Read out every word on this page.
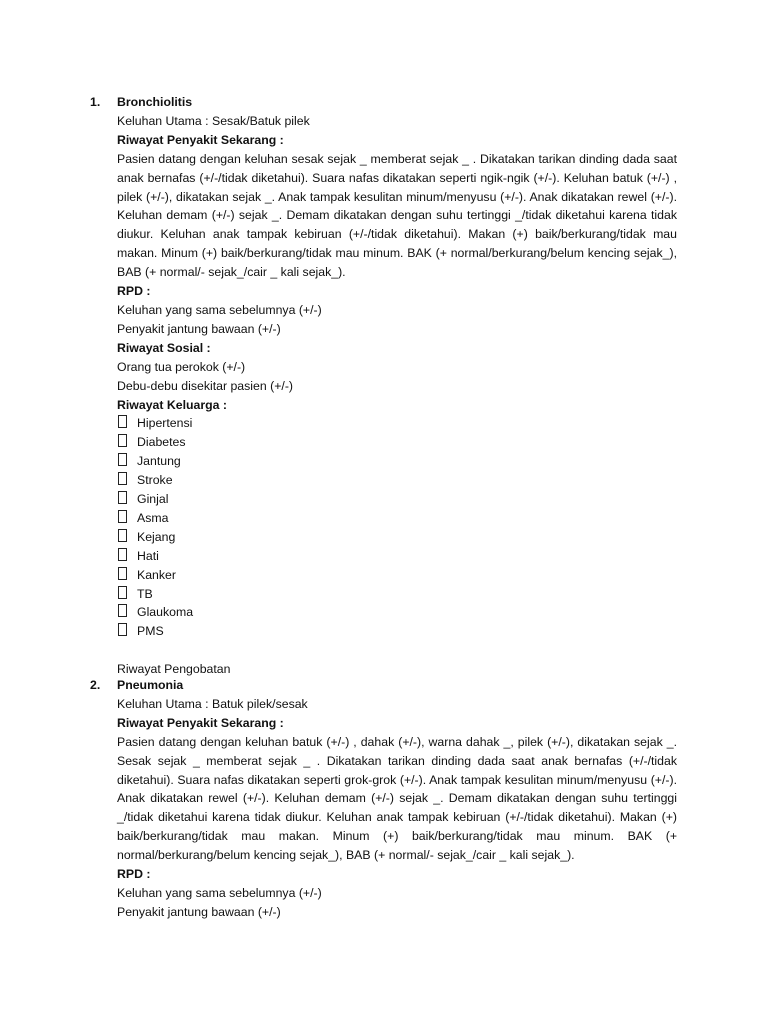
1. Bronchiolitis
Keluhan Utama : Sesak/Batuk pilek
Riwayat Penyakit Sekarang :
Pasien datang dengan keluhan sesak sejak _ memberat sejak _ . Dikatakan tarikan dinding dada saat anak bernafas (+/-/tidak diketahui). Suara nafas dikatakan seperti ngik-ngik (+/-). Keluhan batuk (+/-) , pilek (+/-), dikatakan sejak _. Anak tampak kesulitan minum/menyusu (+/-). Anak dikatakan rewel (+/-). Keluhan demam (+/-) sejak _. Demam dikatakan dengan suhu tertinggi _/tidak diketahui karena tidak diukur. Keluhan anak tampak kebiruan (+/-/tidak diketahui). Makan (+) baik/berkurang/tidak mau makan. Minum (+) baik/berkurang/tidak mau minum. BAK (+ normal/berkurang/belum kencing sejak_), BAB (+ normal/- sejak_/cair _ kali sejak_).
RPD :
Keluhan yang sama sebelumnya (+/-)
Penyakit jantung bawaan (+/-)
Riwayat Sosial :
Orang tua perokok (+/-)
Debu-debu disekitar pasien (+/-)
Riwayat Keluarga :
Hipertensi
Diabetes
Jantung
Stroke
Ginjal
Asma
Kejang
Hati
Kanker
TB
Glaukoma
PMS
Riwayat Pengobatan
2. Pneumonia
Keluhan Utama : Batuk pilek/sesak
Riwayat Penyakit Sekarang :
Pasien datang dengan keluhan batuk (+/-) , dahak (+/-), warna dahak _, pilek (+/-), dikatakan sejak _. Sesak sejak _ memberat sejak _ . Dikatakan tarikan dinding dada saat anak bernafas (+/-/tidak diketahui). Suara nafas dikatakan seperti grok-grok (+/-). Anak tampak kesulitan minum/menyusu (+/-). Anak dikatakan rewel (+/-). Keluhan demam (+/-) sejak _. Demam dikatakan dengan suhu tertinggi _/tidak diketahui karena tidak diukur. Keluhan anak tampak kebiruan (+/-/tidak diketahui). Makan (+) baik/berkurang/tidak mau makan. Minum (+) baik/berkurang/tidak mau minum. BAK (+ normal/berkurang/belum kencing sejak_), BAB (+ normal/- sejak_/cair _ kali sejak_).
RPD :
Keluhan yang sama sebelumnya (+/-)
Penyakit jantung bawaan (+/-)
